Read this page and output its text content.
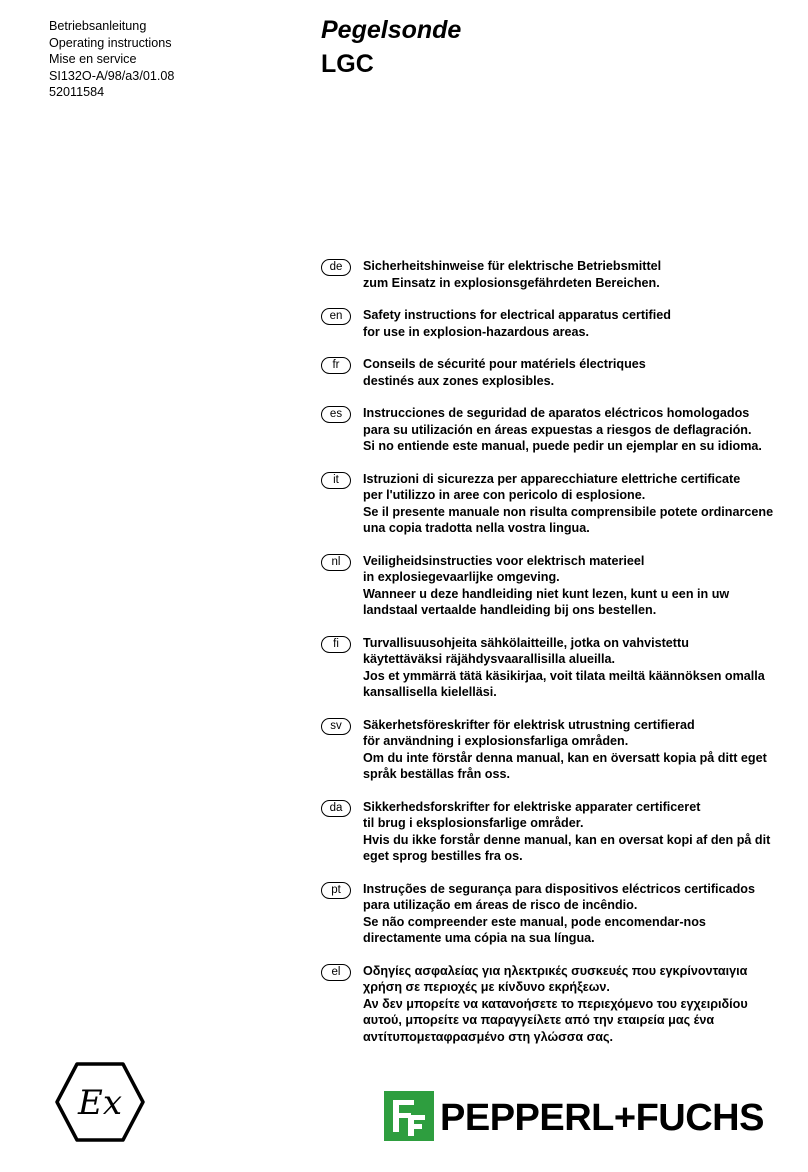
Betriebsanleitung
Operating instructions
Mise en service
SI132O-A/98/a3/01.08
52011584
Pegelsonde
LGC
de	Sicherheitshinweise für elektrische Betriebsmittel
zum Einsatz in explosionsgefährdeten Bereichen.
en	Safety instructions for electrical apparatus certified
for use in explosion-hazardous areas.
fr	Conseils de sécurité pour matériels électriques
destinés aux zones explosibles.
es	Instrucciones de seguridad de aparatos eléctricos homologados
para su utilización en áreas expuestas a riesgos de deflagración.
Si no entiende este manual, puede pedir un ejemplar en su idioma.
it	Istruzioni di sicurezza per apparecchiature elettriche certificate
per l'utilizzo in aree con pericolo di esplosione.
Se il presente manuale non risulta comprensibile potete ordinarcene
una copia tradotta nella vostra lingua.
nl	Veiligheidsinstructies voor elektrisch materieel
in explosiegevaarlijke omgeving.
Wanneer u deze handleiding niet kunt lezen, kunt u een in uw
landstaal vertaalde handleiding bij ons bestellen.
fi	Turvallisuusohjeita sähkölaitteille, jotka on vahvistettu
käytettäväksi räjähdysvaarallisilla alueilla.
Jos et ymmärrä tätä käsikirjaa, voit tilata meiltä käännöksen omalla
kansallisella kielelläsi.
sv	Säkerhetsföreskrifter för elektrisk utrustning certifierad
för användning i explosionsfarliga områden.
Om du inte förstår denna manual, kan en översatt kopia på ditt eget
språk beställas från oss.
da	Sikkerhedsforskrifter for elektriske apparater certificeret
til brug i eksplosionsfarlige områder.
Hvis du ikke forstår denne manual, kan en oversat kopi af den på dit
eget sprog bestilles fra os.
pt	Instruções de segurança para dispositivos eléctricos certificados
para utilização em áreas de risco de incêndio.
Se não compreender este manual, pode encomendar-nos
directamente uma cópia na sua língua.
el	Οδηγίες ασφαλείας για ηλεκτρικές συσκευές που εγκρίνονταιγια
χρήση σε περιοχές με κίνδυνο εκρήξεων.
Αν δεν μπορείτε να κατανοήσετε το περιεχόμενο του εγχειριδίου
αυτού, μπορείτε να παραγγείλετε από την εταιρεία μας ένα
αντίτυπομεταφρασμένο στη γλώσσα σας.
Ex	PEPPERL+FUCHS
